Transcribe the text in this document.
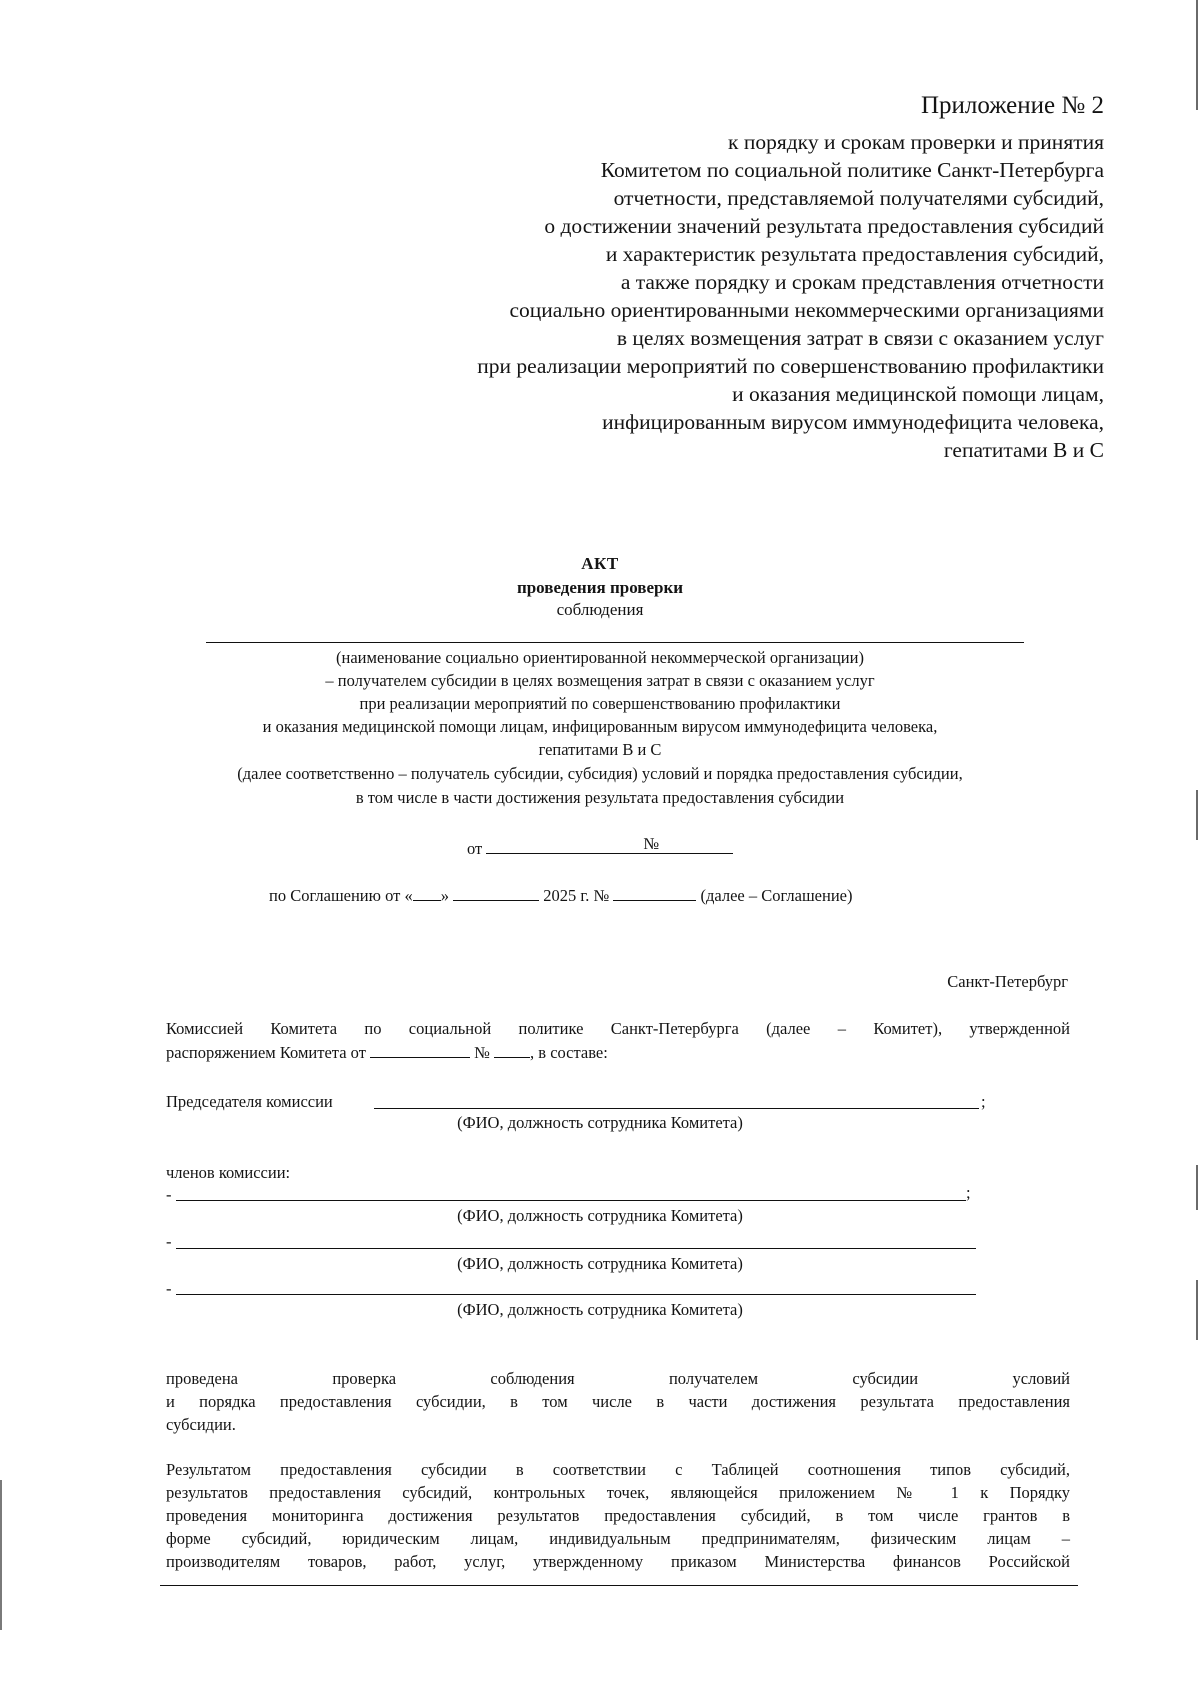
Приложение № 2
к порядку и срокам проверки и принятия
Комитетом по социальной политике Санкт-Петербурга
отчетности, представляемой получателями субсидий,
о достижении значений результата предоставления субсидий
и характеристик результата предоставления субсидий,
а также порядку и срокам представления отчетности
социально ориентированными некоммерческими организациями
в целях возмещения затрат в связи с оказанием услуг
при реализации мероприятий по совершенствованию профилактики
и оказания медицинской помощи лицам,
инфицированным вирусом иммунодефицита человека,
гепатитами В и С
АКТ
проведения проверки
соблюдения
(наименование социально ориентированной некоммерческой организации)
– получателем субсидии в целях возмещения затрат в связи с оказанием услуг
при реализации мероприятий по совершенствованию профилактики
и оказания медицинской помощи лицам, инфицированным вирусом иммунодефицита человека,
гепатитами В и С
(далее соответственно – получатель субсидии, субсидия) условий и порядка предоставления субсидии,
в том числе в части достижения результата предоставления субсидии
от	№
по Соглашению от « »	2025 г. №	(далее – Соглашение)
Санкт-Петербург
Комиссией Комитета по социальной политике Санкт-Петербурга (далее – Комитет), утвержденной
распоряжением Комитета от	№ , в составе:
Председателя комиссии	;
(ФИО, должность сотрудника Комитета)
членов комиссии:
-	;
(ФИО, должность сотрудника Комитета)
-
(ФИО, должность сотрудника Комитета)
-
(ФИО, должность сотрудника Комитета)
проведена проверка соблюдения получателем субсидии условий
и порядка предоставления субсидии, в том числе в части достижения результата предоставления
субсидии.
Результатом предоставления субсидии в соответствии с Таблицей соотношения типов субсидий,
результатов предоставления субсидий, контрольных точек, являющейся приложением № 1 к Порядку
проведения мониторинга достижения результатов предоставления субсидий, в том числе грантов в
форме субсидий, юридическим лицам, индивидуальным предпринимателям, физическим лицам –
производителям товаров, работ, услуг, утвержденному приказом Министерства финансов Российской
